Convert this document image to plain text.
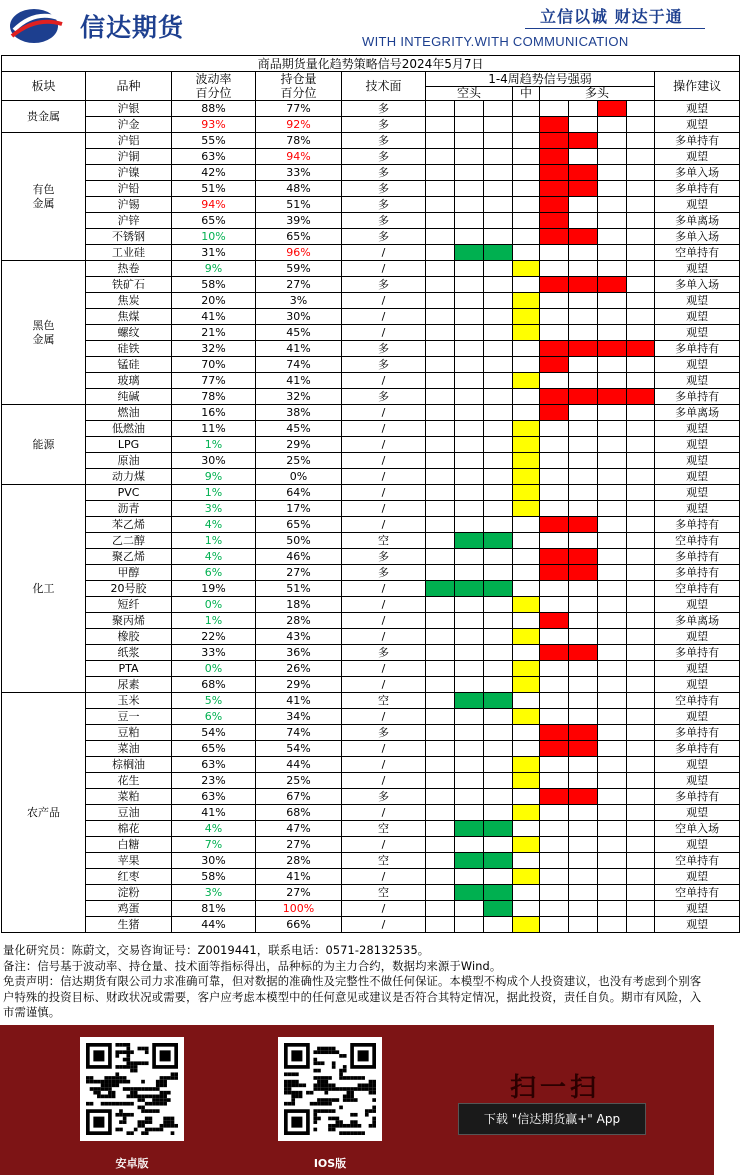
信达期货	立信以诚 财达于通
WITH INTEGRITY.WITH COMMUNICATION
商品期货量化趋势策略信号2024年5月7日													
板块	品种	波动率
百分位	持仓量
百分位	技术面	1-4周趋势信号强弱								操作建议
					空头			中	多头				
贵金属	沪银	88%	77%	多									观望
	沪金	93%	92%	多									观望
有色
金属	沪铝	55%	78%	多									多单持有
	沪铜	63%	94%	多									观望
	沪镍	42%	33%	多									多单入场
	沪铅	51%	48%	多									多单持有
	沪锡	94%	51%	多									观望
	沪锌	65%	39%	多									多单离场
	不锈钢	10%	65%	多									多单入场
	工业硅	31%	96%	/									空单持有
黑色
金属	热卷	9%	59%	/									观望
	铁矿石	58%	27%	多									多单入场
	焦炭	20%	3%	/									观望
	焦煤	41%	30%	/									观望
	螺纹	21%	45%	/									观望
	硅铁	32%	41%	多									多单持有
	锰硅	70%	74%	多									观望
	玻璃	77%	41%	/									观望
	纯碱	78%	32%	多									多单持有
能源	燃油	16%	38%	/									多单离场
	低燃油	11%	45%	/									观望
	LPG	1%	29%	/									观望
	原油	30%	25%	/									观望
	动力煤	9%	0%	/									观望
化工	PVC	1%	64%	/									观望
	沥青	3%	17%	/									观望
	苯乙烯	4%	65%	/									多单持有
	乙二醇	1%	50%	空									空单持有
	聚乙烯	4%	46%	多									多单持有
	甲醇	6%	27%	多									多单持有
	20号胶	19%	51%	/									空单持有
	短纤	0%	18%	/									观望
	聚丙烯	1%	28%	/									多单离场
	橡胶	22%	43%	/									观望
	纸浆	33%	36%	多									多单持有
	PTA	0%	26%	/									观望
	尿素	68%	29%	/									观望
农产品	玉米	5%	41%	空									空单持有
	豆一	6%	34%	/									观望
	豆粕	54%	74%	多									多单持有
	菜油	65%	54%	/									多单持有
	棕榈油	63%	44%	/									观望
	花生	23%	25%	/									观望
	菜粕	63%	67%	多									多单持有
	豆油	41%	68%	/									观望
	棉花	4%	47%	空									空单入场
	白糖	7%	27%	/									观望
	苹果	30%	28%	空									空单持有
	红枣	58%	41%	/									观望
	淀粉	3%	27%	空									空单持有
	鸡蛋	81%	100%	/									观望
	生猪	44%	66%	/									观望
量化研究员：陈蔚文，交易咨询证号：Z0019441，联系电话：0571-28132535。
备注：信号基于波动率、持仓量、技术面等指标得出，品种标的为主力合约，数据均来源于Wind。
免责声明：信达期货有限公司力求准确可靠，但对数据的准确性及完整性不做任何保证。本模型不构成个人投资建议，也没有考虑到个别客户特殊的投资目标、财政状况或需要，客户应考虑本模型中的任何意见或建议是否符合其特定情况，据此投资，责任自负。期市有风险，入市需谨慎。
安卓版	IOS版
扫一扫
下载 "信达期货赢+" App
